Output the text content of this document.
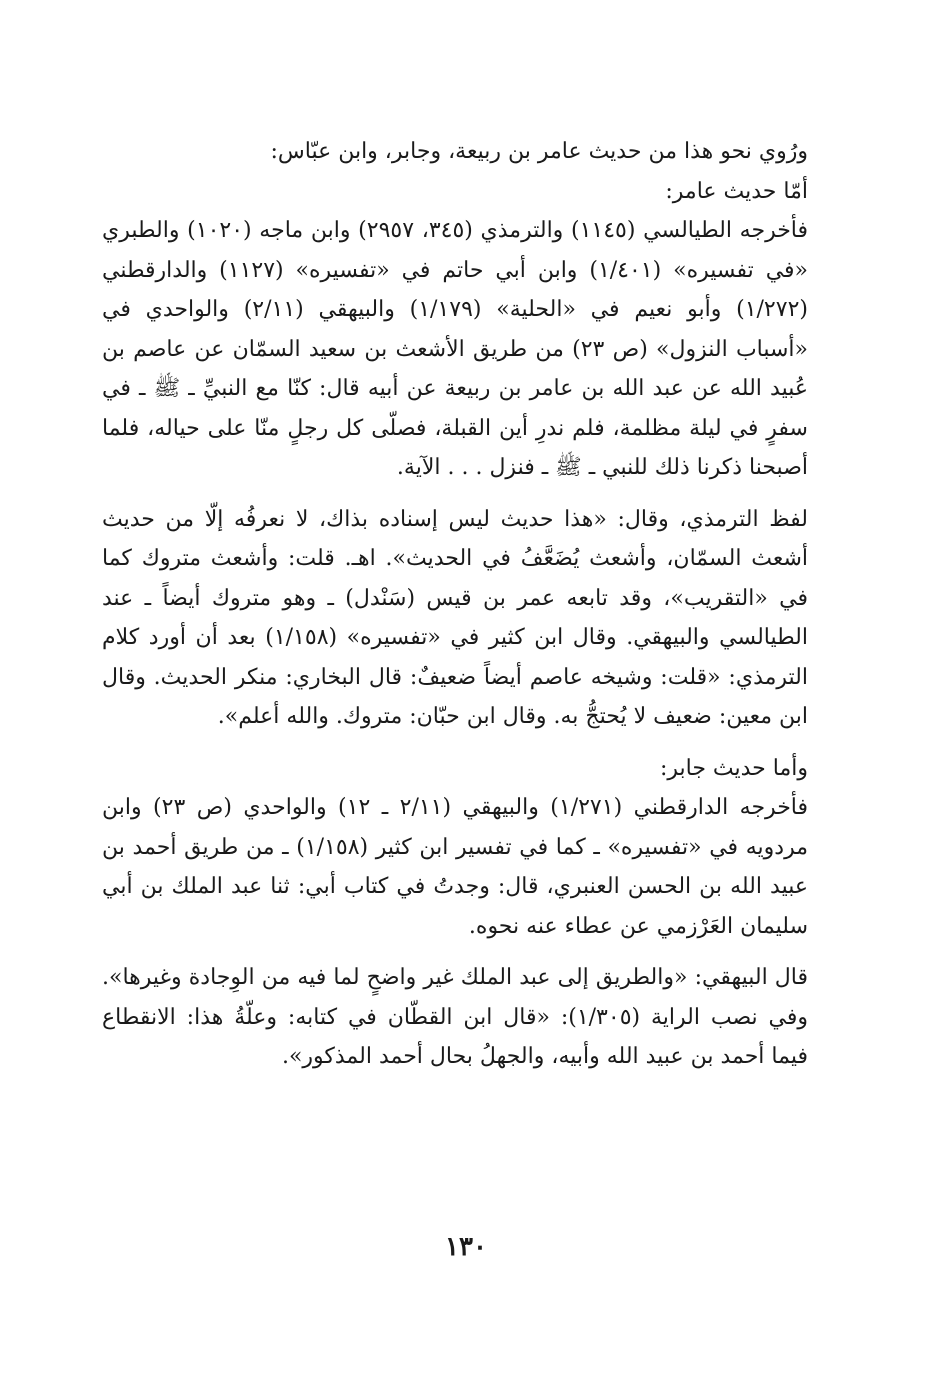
ورُوي نحو هذا من حديث عامر بن ربيعة، وجابر، وابن عبّاس:

أمّا حديث عامر:

فأخرجه الطيالسي (١١٤٥) والترمذي (٣٤٥، ٢٩٥٧) وابن ماجه (١٠٢٠) والطبري «في تفسيره» (١/٤٠١) وابن أبي حاتم في «تفسيره» (١١٢٧) والدارقطني (١/٢٧٢) وأبو نعيم في «الحلية» (١/١٧٩) والبيهقي (٢/١١) والواحدي في «أسباب النزول» (ص ٢٣) من طريق الأشعث بن سعيد السمّان عن عاصم بن عُبيد الله عن عبد الله بن عامر بن ربيعة عن أبيه قال: كنّا مع النبيِّ ـ ﷺ ـ في سفرٍ في ليلة مظلمة، فلم ندرِ أين القبلة، فصلّى كل رجلٍ منّا على حياله، فلما أصبحنا ذكرنا ذلك للنبي ـ ﷺ ـ فنزل . . . الآية.

لفظ الترمذي، وقال: «هذا حديث ليس إسناده بذاك، لا نعرفُه إلّا من حديث أشعث السمّان، وأشعث يُضَعَّفُ في الحديث». اهـ. قلت: وأشعث متروك كما في «التقريب»، وقد تابعه عمر بن قيس (سَنْدل) ـ وهو متروك أيضاً ـ عند الطيالسي والبيهقي. وقال ابن كثير في «تفسيره» (١/١٥٨) بعد أن أورد كلام الترمذي: «قلت: وشيخه عاصم أيضاً ضعيفٌ: قال البخاري: منكر الحديث. وقال ابن معين: ضعيف لا يُحتجُّ به. وقال ابن حبّان: متروك. والله أعلم».

وأما حديث جابر:

فأخرجه الدارقطني (١/٢٧١) والبيهقي (٢/١١ ـ ١٢) والواحدي (ص ٢٣) وابن مردويه في «تفسيره» ـ كما في تفسير ابن كثير (١/١٥٨) ـ من طريق أحمد بن عبيد الله بن الحسن العنبري، قال: وجدتُ في كتاب أبي: ثنا عبد الملك بن أبي سليمان العَرْزمي عن عطاء عنه نحوه.

قال البيهقي: «والطريق إلى عبد الملك غير واضحٍ لما فيه من الوِجادة وغيرها». وفي نصب الراية (١/٣٠٥): «قال ابن القطّان في كتابه: وعلّةُ هذا: الانقطاع فيما أحمد بن عبيد الله وأبيه، والجهلُ بحال أحمد المذكور».

١٣٠
